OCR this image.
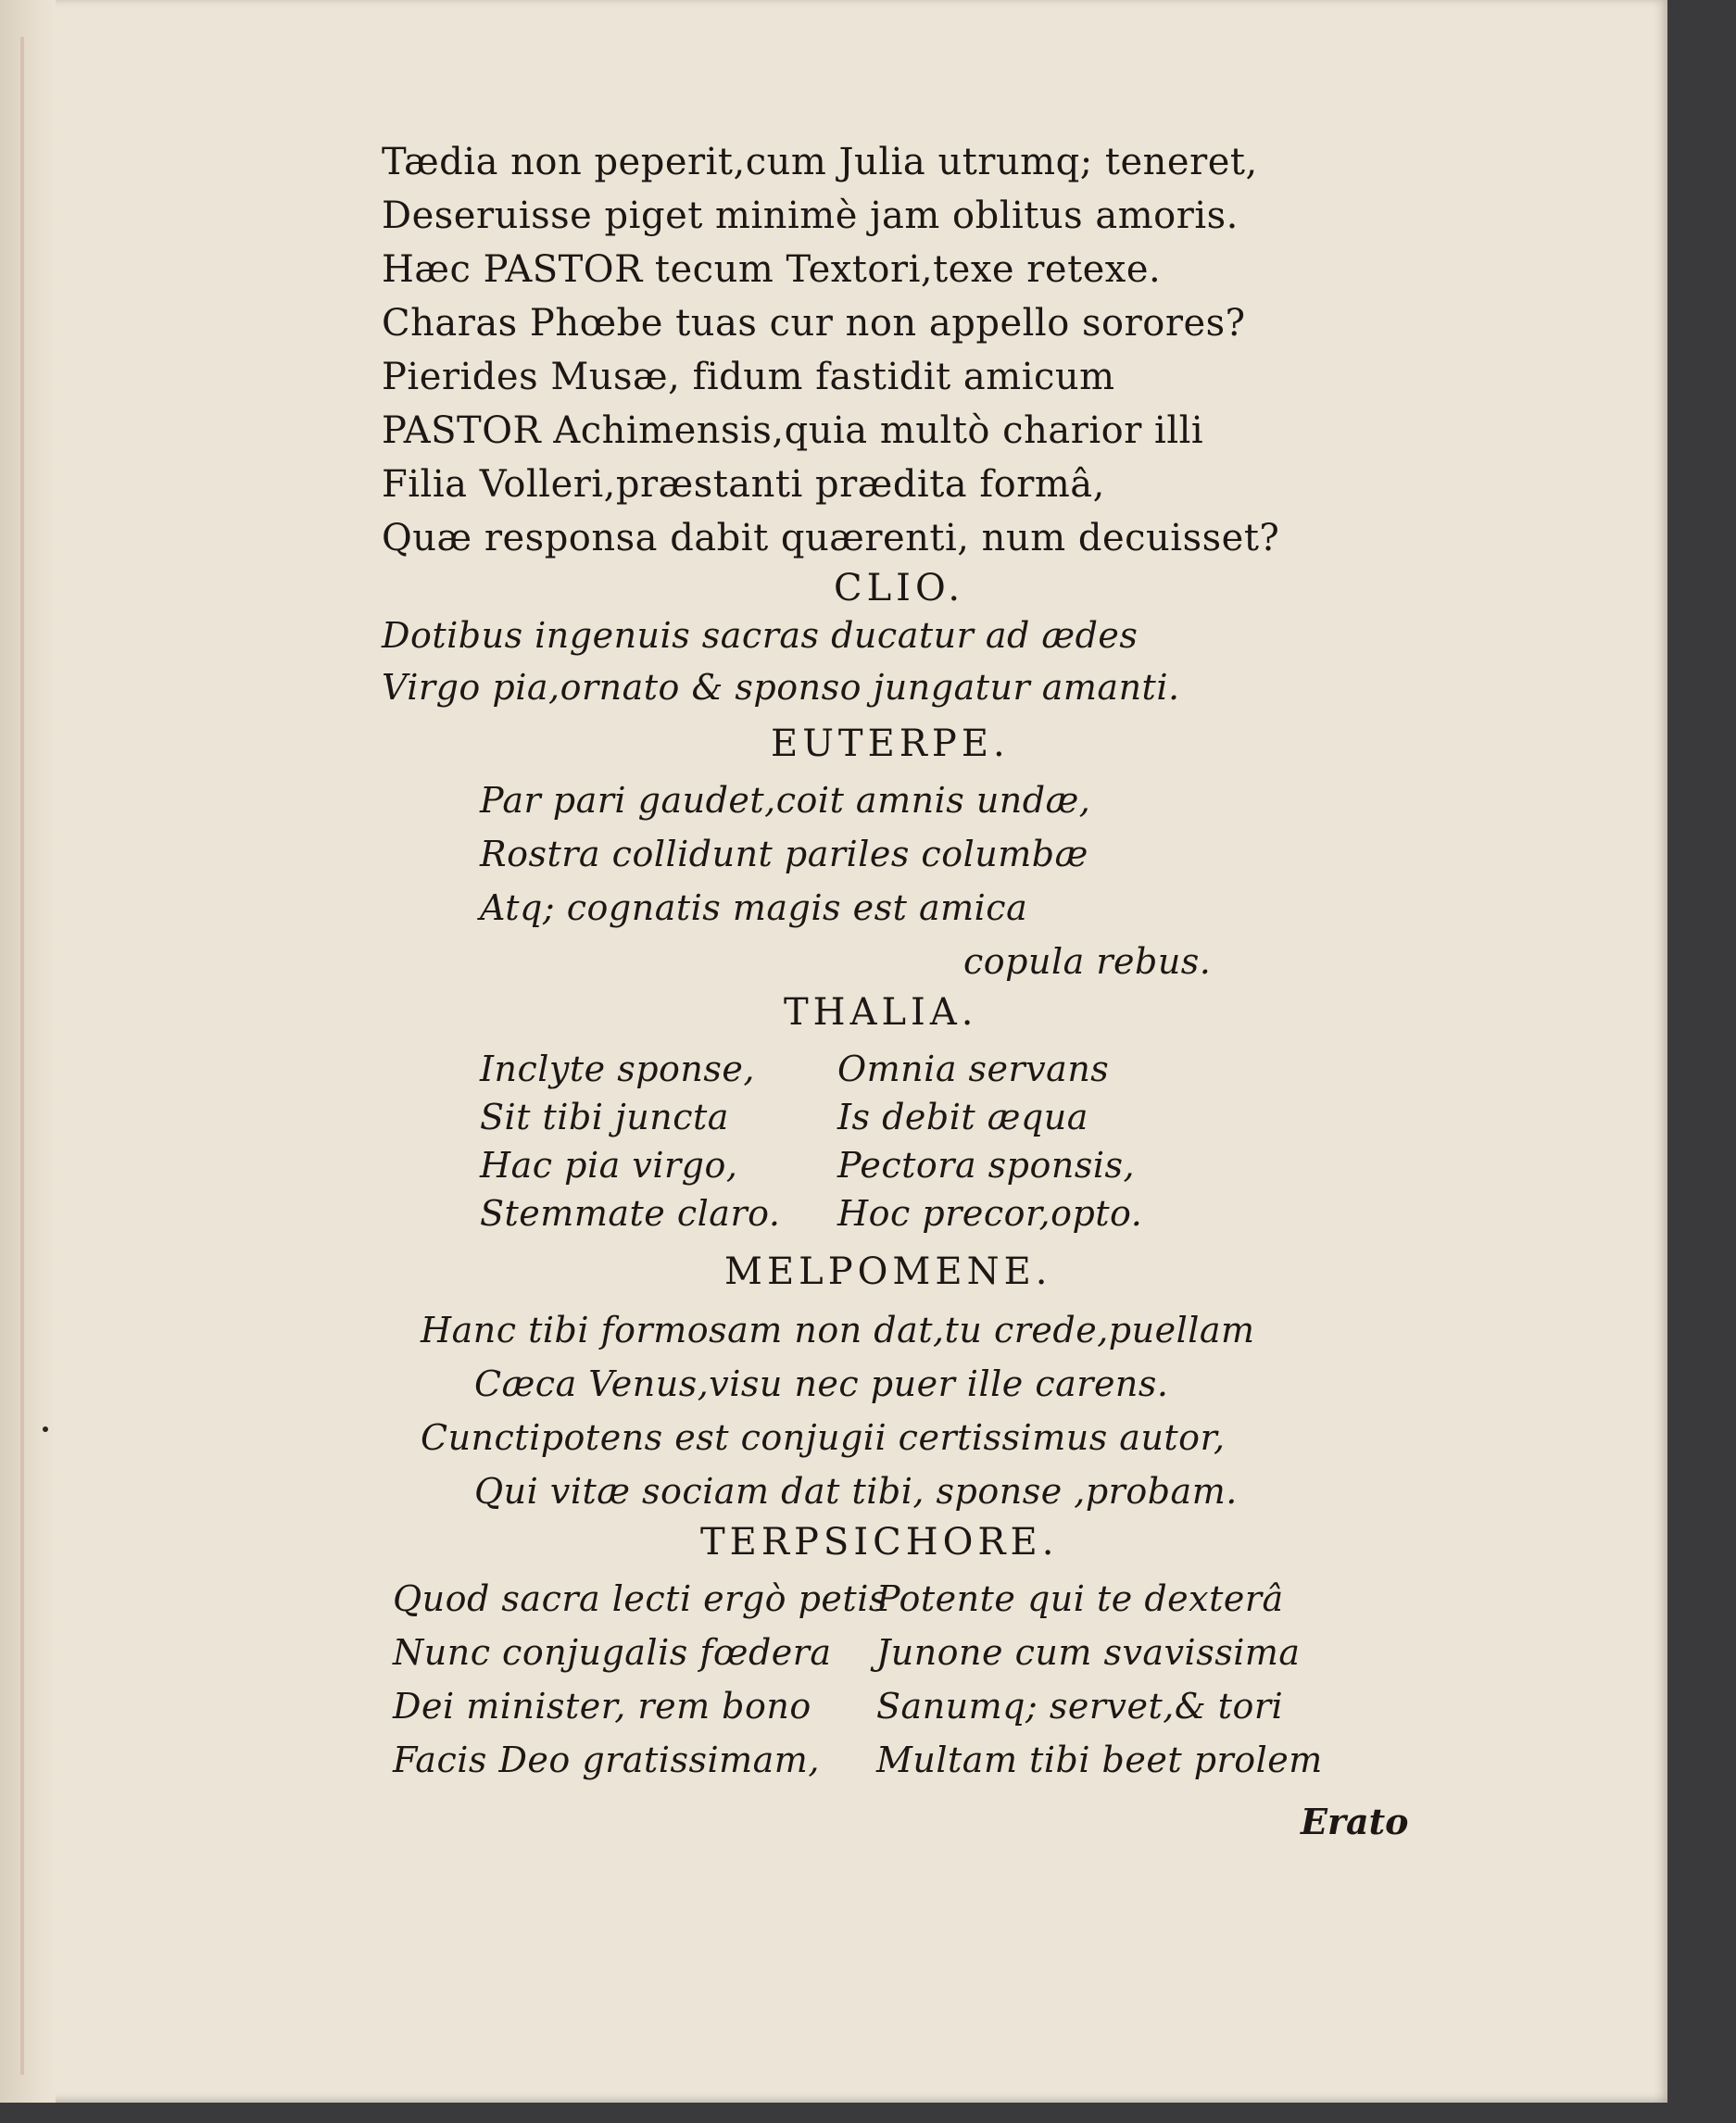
Tædia non peperit,cum Julia utrumq; teneret,
Deseruisse piget minimè jam oblitus amoris.
Hæc PASTOR tecum Textori,texe retexe.
Charas Phœbe tuas cur non appello sorores?
Pierides Musæ, fidum fastidit amicum
PASTOR Achimensis,quia multò charior illi
Filia Volleri,præstanti prædita formâ,
Quæ responsa dabit quærenti, num decuisset?
CLIO.
Dotibus ingenuis sacras ducatur ad ædes
Virgo pia,ornato & sponso jungatur amanti.
EUTERPE.
Par pari gaudet,coit amnis undæ,
Rostra collidunt pariles columbæ
Atq; cognatis magis est amica
copula rebus.
THALIA.
Inclyte sponse,
Sit tibi juncta
Hac pia virgo,
Stemmate claro.
Omnia servans
Is debit æqua
Pectora sponsis,
Hoc precor,opto.
MELPOMENE.
Hanc tibi formosam non dat,tu crede,puellam
Cæca Venus,visu nec puer ille carens.
Cunctipotens est conjugii certissimus autor,
Qui vitæ sociam dat tibi, sponse ,probam.
TERPSICHORE.
Quod sacra lecti ergò petis
Nunc conjugalis fœdera
Dei minister, rem bono
Facis Deo gratissimam,
Potente qui te dexterâ
Junone cum svavissima
Sanumq; servet,& tori
Multam tibi beet prolem
Erato
